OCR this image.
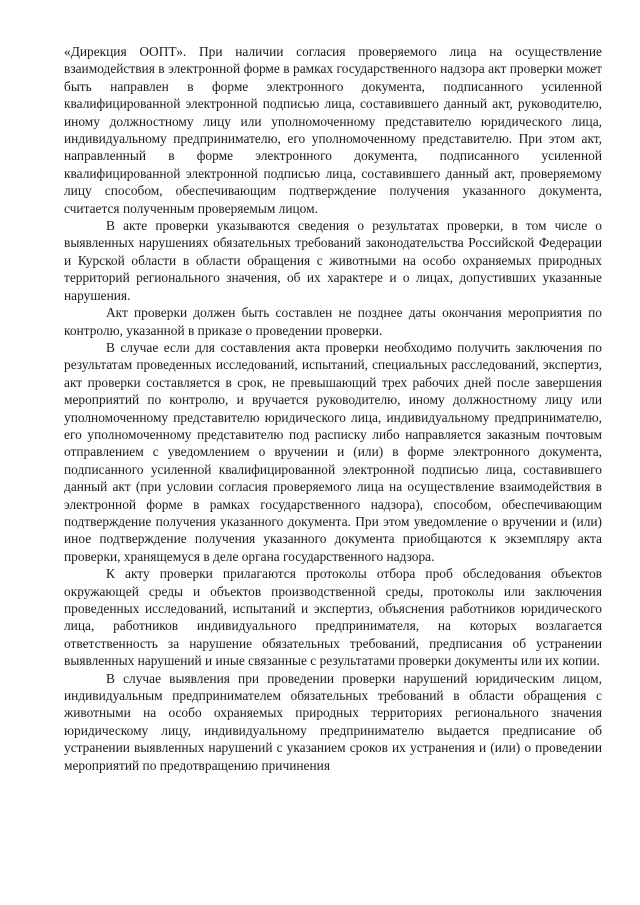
«Дирекция ООПТ». При наличии согласия проверяемого лица на осуществление взаимодействия в электронной форме в рамках государственного надзора акт проверки может быть направлен в форме электронного документа, подписанного усиленной квалифицированной электронной подписью лица, составившего данный акт, руководителю, иному должностному лицу или уполномоченному представителю юридического лица, индивидуальному предпринимателю, его уполномоченному представителю. При этом акт, направленный в форме электронного документа, подписанного усиленной квалифицированной электронной подписью лица, составившего данный акт, проверяемому лицу способом, обеспечивающим подтверждение получения указанного документа, считается полученным проверяемым лицом.

В акте проверки указываются сведения о результатах проверки, в том числе о выявленных нарушениях обязательных требований законодательства Российской Федерации и Курской области в области обращения с животными на особо охраняемых природных территорий регионального значения, об их характере и о лицах, допустивших указанные нарушения.

Акт проверки должен быть составлен не позднее даты окончания мероприятия по контролю, указанной в приказе о проведении проверки.

В случае если для составления акта проверки необходимо получить заключения по результатам проведенных исследований, испытаний, специальных расследований, экспертиз, акт проверки составляется в срок, не превышающий трех рабочих дней после завершения мероприятий по контролю, и вручается руководителю, иному должностному лицу или уполномоченному представителю юридического лица, индивидуальному предпринимателю, его уполномоченному представителю под расписку либо направляется заказным почтовым отправлением с уведомлением о вручении и (или) в форме электронного документа, подписанного усиленной квалифицированной электронной подписью лица, составившего данный акт (при условии согласия проверяемого лица на осуществление взаимодействия в электронной форме в рамках государственного надзора), способом, обеспечивающим подтверждение получения указанного документа. При этом уведомление о вручении и (или) иное подтверждение получения указанного документа приобщаются к экземпляру акта проверки, хранящемуся в деле органа государственного надзора.

К акту проверки прилагаются протоколы отбора проб обследования объектов окружающей среды и объектов производственной среды, протоколы или заключения проведенных исследований, испытаний и экспертиз, объяснения работников юридического лица, работников индивидуального предпринимателя, на которых возлагается ответственность за нарушение обязательных требований, предписания об устранении выявленных нарушений и иные связанные с результатами проверки документы или их копии.

В случае выявления при проведении проверки нарушений юридическим лицом, индивидуальным предпринимателем обязательных требований в области обращения с животными на особо охраняемых природных территориях регионального значения юридическому лицу, индивидуальному предпринимателю выдается предписание об устранении выявленных нарушений с указанием сроков их устранения и (или) о проведении мероприятий по предотвращению причинения
